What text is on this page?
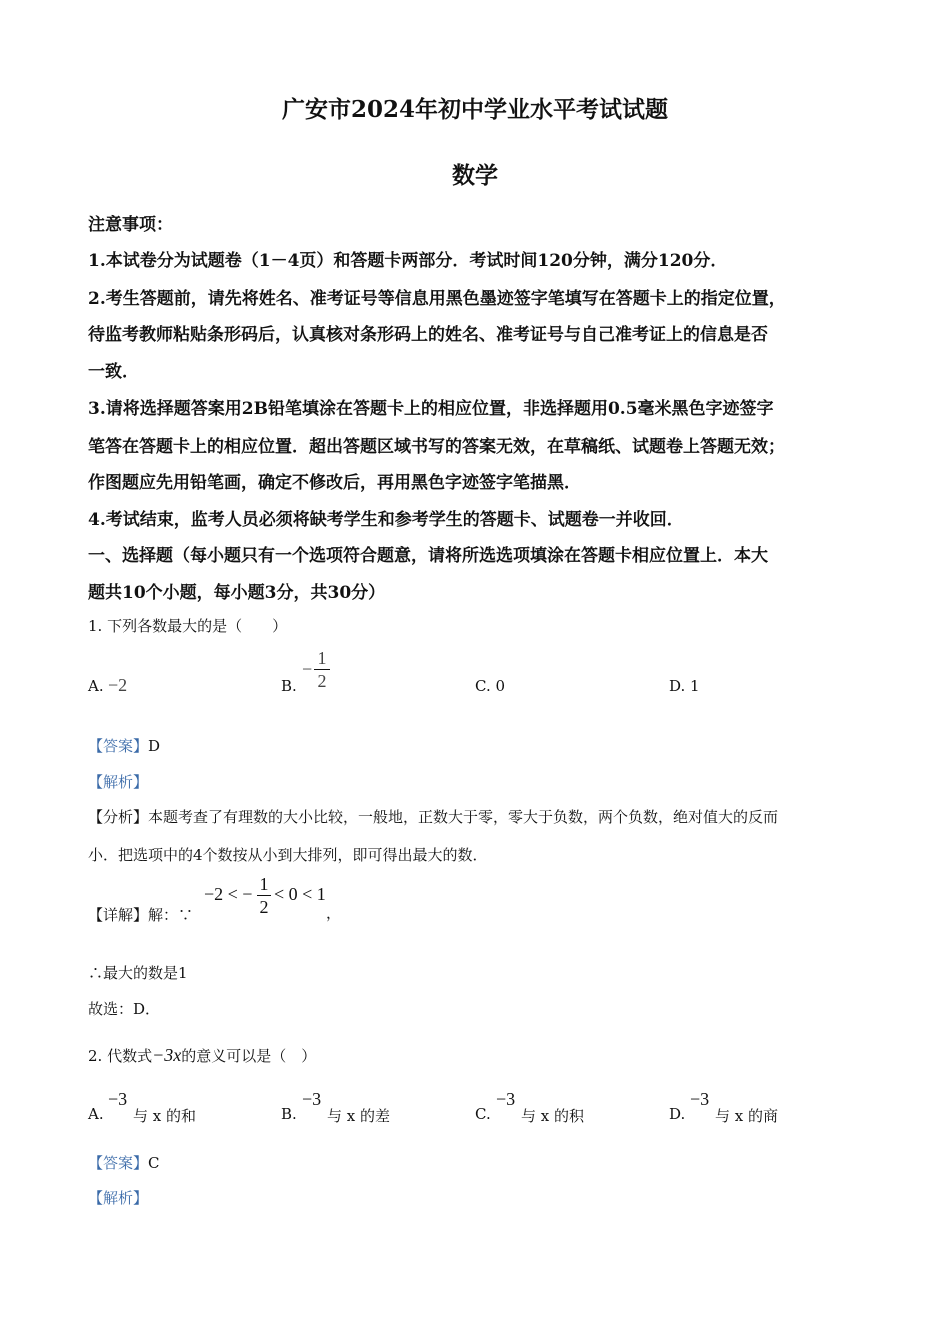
广安市2024年初中学业水平考试试题
数学
注意事项：
1.本试卷分为试题卷（1－4页）和答题卡两部分．考试时间120分钟，满分120分．
2.考生答题前，请先将姓名、准考证号等信息用黑色墨迹签字笔填写在答题卡上的指定位置，
待监考教师粘贴条形码后，认真核对条形码上的姓名、准考证号与自己准考证上的信息是否
一致．
3.请将选择题答案用2B铅笔填涂在答题卡上的相应位置，非选择题用0.5毫米黑色字迹签字
笔答在答题卡上的相应位置．超出答题区域书写的答案无效，在草稿纸、试题卷上答题无效；
作图题应先用铅笔画，确定不修改后，再用黑色字迹签字笔描黑．
4.考试结束，监考人员必须将缺考学生和参考学生的答题卡、试题卷一并收回．
一、选择题（每小题只有一个选项符合题意，请将所选选项填涂在答题卡相应位置上．本大
题共10个小题，每小题3分，共30分）
1. 下列各数最大的是（　　）
A. −2	B.
−
1
2	C. 0	D. 1
【答案】D
【解析】
【分析】本题考查了有理数的大小比较，一般地，正数大于零，零大于负数，两个负数，绝对值大的反而
小．把选项中的4个数按从小到大排列，即可得出最大的数．
【详解】解：∵
−2 < − 1
2
< 0 < 1
，
∴最大的数是1
故选：D．
2. 代数式−3x的意义可以是（　）
A.
−3
与 x 的和	B.
−3
与 x 的差	C.
−3
与 x 的积	D.
−3
与 x 的商
【答案】C
【解析】
